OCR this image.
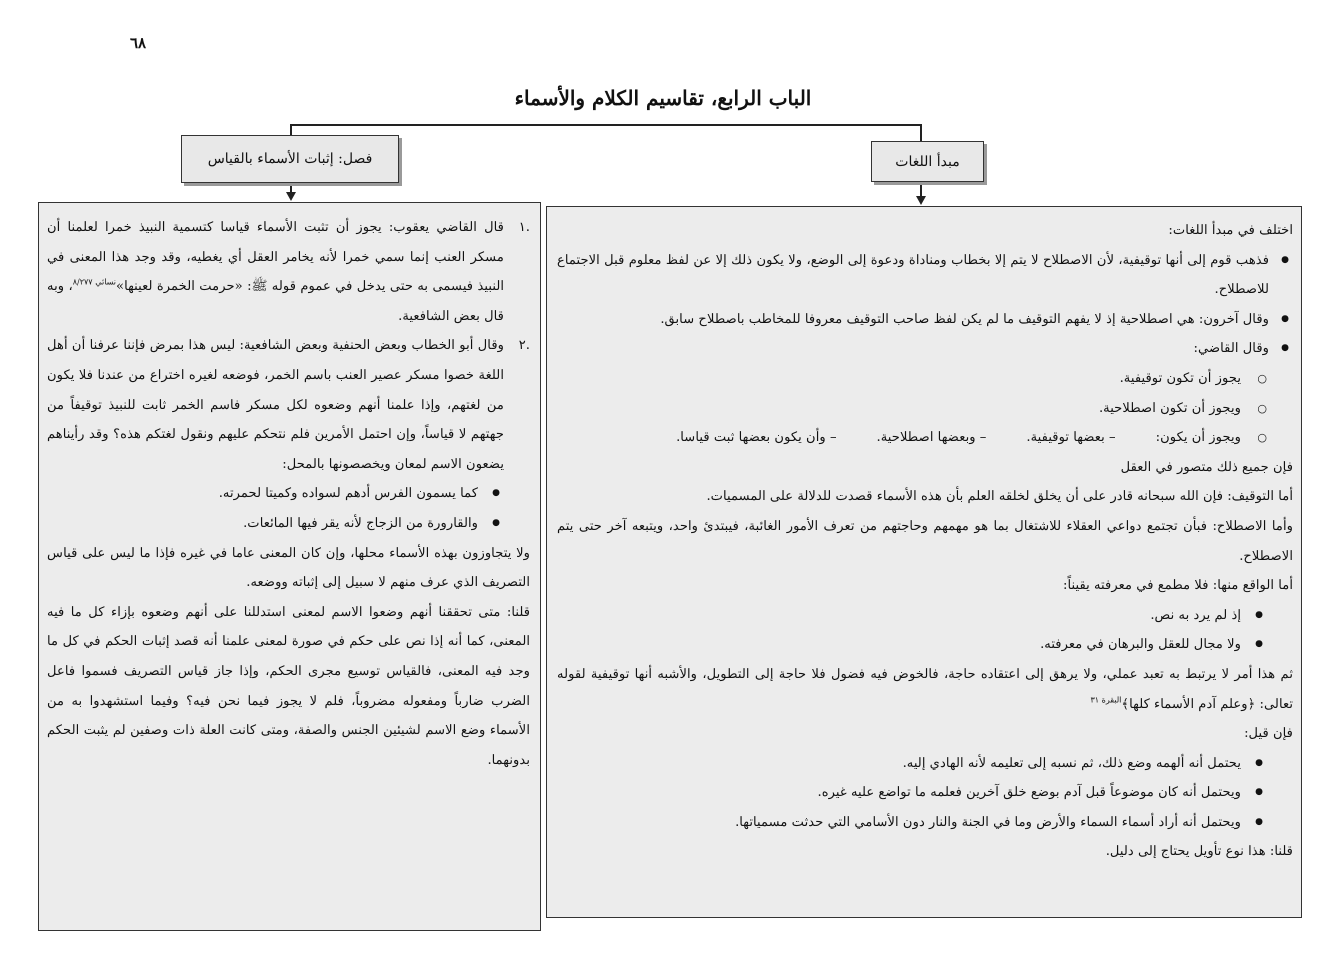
٦٨
الباب الرابع، تقاسيم الكلام والأسماء
فصل: إثبات الأسماء بالقياس	مبدأ اللغات
.١
قال القاضي يعقوب: يجوز أن تثبت الأسماء قياسا كتسمية النبيذ خمرا لعلمنا أن مسكر العنب إنما سمي خمرا لأنه يخامر العقل أي يغطيه، وقد وجد هذا المعنى في النبيذ فيسمى به حتى يدخل في عموم قوله ﷺ: «حرمت الخمرة لعينها»$^{نسائي ٨/٢٧٧}$، وبه قال بعض الشافعية.
.٢
وقال أبو الخطاب وبعض الحنفية وبعض الشافعية: ليس هذا بمرض فإننا عرفنا أن أهل اللغة خصوا مسكر عصير العنب باسم الخمر، فوضعه لغيره اختراع من عندنا فلا يكون من لغتهم، وإذا علمنا أنهم وضعوه لكل مسكر فاسم الخمر ثابت للنبيذ توقيفاً من جهتهم لا قياساً، وإن احتمل الأمرين فلم نتحكم عليهم ونقول لغتكم هذه؟ وقد رأيناهم يضعون الاسم لمعان ويخصصونها بالمحل:
● كما يسمون الفرس أدهم لسواده وكميتا لحمرته.
● والقارورة من الزجاج لأنه يقر فيها المائعات.

ولا يتجاوزون بهذه الأسماء محلها، وإن كان المعنى عاما في غيره فإذا ما ليس على قياس التصريف الذي عرف منهم لا سبيل إلى إثباته ووضعه.

قلنا: متى تحققنا أنهم وضعوا الاسم لمعنى استدللنا على أنهم وضعوه بإزاء كل ما فيه المعنى، كما أنه إذا نص على حكم في صورة لمعنى علمنا أنه قصد إثبات الحكم في كل ما وجد فيه المعنى، فالقياس توسيع مجرى الحكم، وإذا جاز قياس التصريف فسموا فاعل الضرب ضارباً ومفعوله مضروباً، فلم لا يجوز فيما نحن فيه؟ وفيما استشهدوا به من الأسماء وضع الاسم لشيئين الجنس والصفة، ومتى كانت العلة ذات وصفين لم يثبت الحكم بدونهما.

اختلف في مبدأ اللغات:

● فذهب قوم إلى أنها توقيفية، لأن الاصطلاح لا يتم إلا بخطاب ومناداة ودعوة إلى الوضع، ولا يكون ذلك إلا عن لفظ معلوم قبل الاجتماع للاصطلاح.
● وقال آخرون: هي اصطلاحية إذ لا يفهم التوقيف ما لم يكن لفظ صاحب التوقيف معروفا للمخاطب باصطلاح سابق.
● وقال القاضي:
○ يجوز أن تكون توقيفية.
○ ويجوز أن تكون اصطلاحية.
○ ويجوز أن يكون:
– بعضها توقيفية.
– وبعضها اصطلاحية.
– وأن يكون بعضها ثبت قياسا.

فإن جميع ذلك متصور في العقل

أما التوقيف: فإن الله سبحانه قادر على أن يخلق لخلقه العلم بأن هذه الأسماء قصدت للدلالة على المسميات.

وأما الاصطلاح: فبأن تجتمع دواعي العقلاء للاشتغال بما هو مهمهم وحاجتهم من تعرف الأمور الغائبة، فيبتدئ واحد، ويتبعه آخر حتى يتم الاصطلاح.

أما الواقع منها: فلا مطمع في معرفته يقيناً:

● إذ لم يرد به نص.
● ولا مجال للعقل والبرهان في معرفته.

ثم هذا أمر لا يرتبط به تعبد عملي، ولا يرهق إلى اعتقاده حاجة، فالخوض فيه فضول فلا حاجة إلى التطويل، والأشبه أنها توقيفية لقوله تعالى: ﴿وعلم آدم الأسماء كلها﴾$^{البقرة ٣١}$

فإن قيل:

● يحتمل أنه ألهمه وضع ذلك، ثم نسبه إلى تعليمه لأنه الهادي إليه.
● ويحتمل أنه كان موضوعاً قبل آدم بوضع خلق آخرين فعلمه ما تواضع عليه غيره.
● ويحتمل أنه أراد أسماء السماء والأرض وما في الجنة والنار دون الأسامي التي حدثت مسمياتها.

قلنا: هذا نوع تأويل يحتاج إلى دليل.
